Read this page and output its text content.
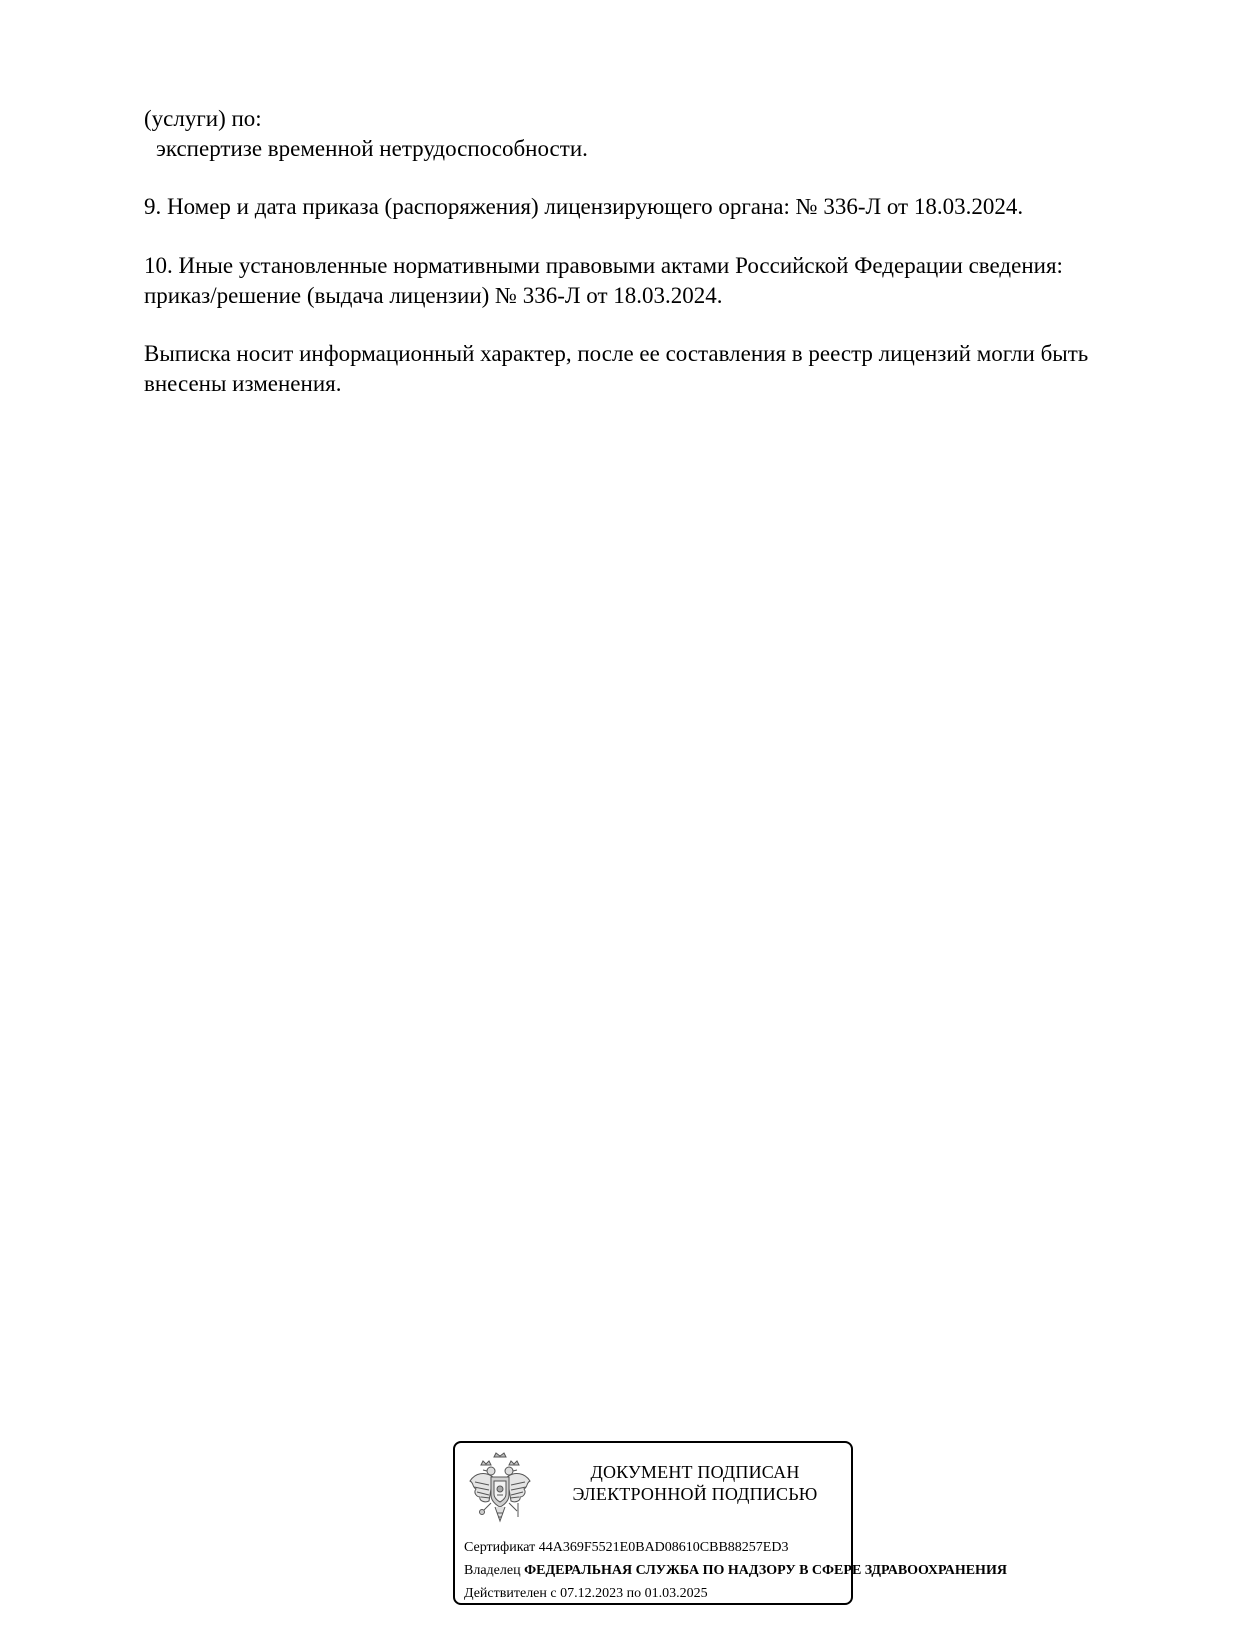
(услуги) по:
экспертизе временной нетрудоспособности.
9. Номер и дата приказа (распоряжения) лицензирующего органа: № 336-Л от 18.03.2024.
10. Иные установленные нормативными правовыми актами Российской Федерации сведения:
приказ/решение (выдача лицензии) № 336-Л от 18.03.2024.
Выписка носит информационный характер, после ее составления в реестр лицензий могли быть
внесены изменения.
ДОКУМЕНТ ПОДПИСАН
ЭЛЕКТРОННОЙ ПОДПИСЬЮ
Сертификат 44A369F5521E0BAD08610CBB88257ED3
Владелец ФЕДЕРАЛЬНАЯ СЛУЖБА ПО НАДЗОРУ В СФЕРЕ ЗДРАВООХРАНЕНИЯ
Действителен с 07.12.2023 по 01.03.2025
